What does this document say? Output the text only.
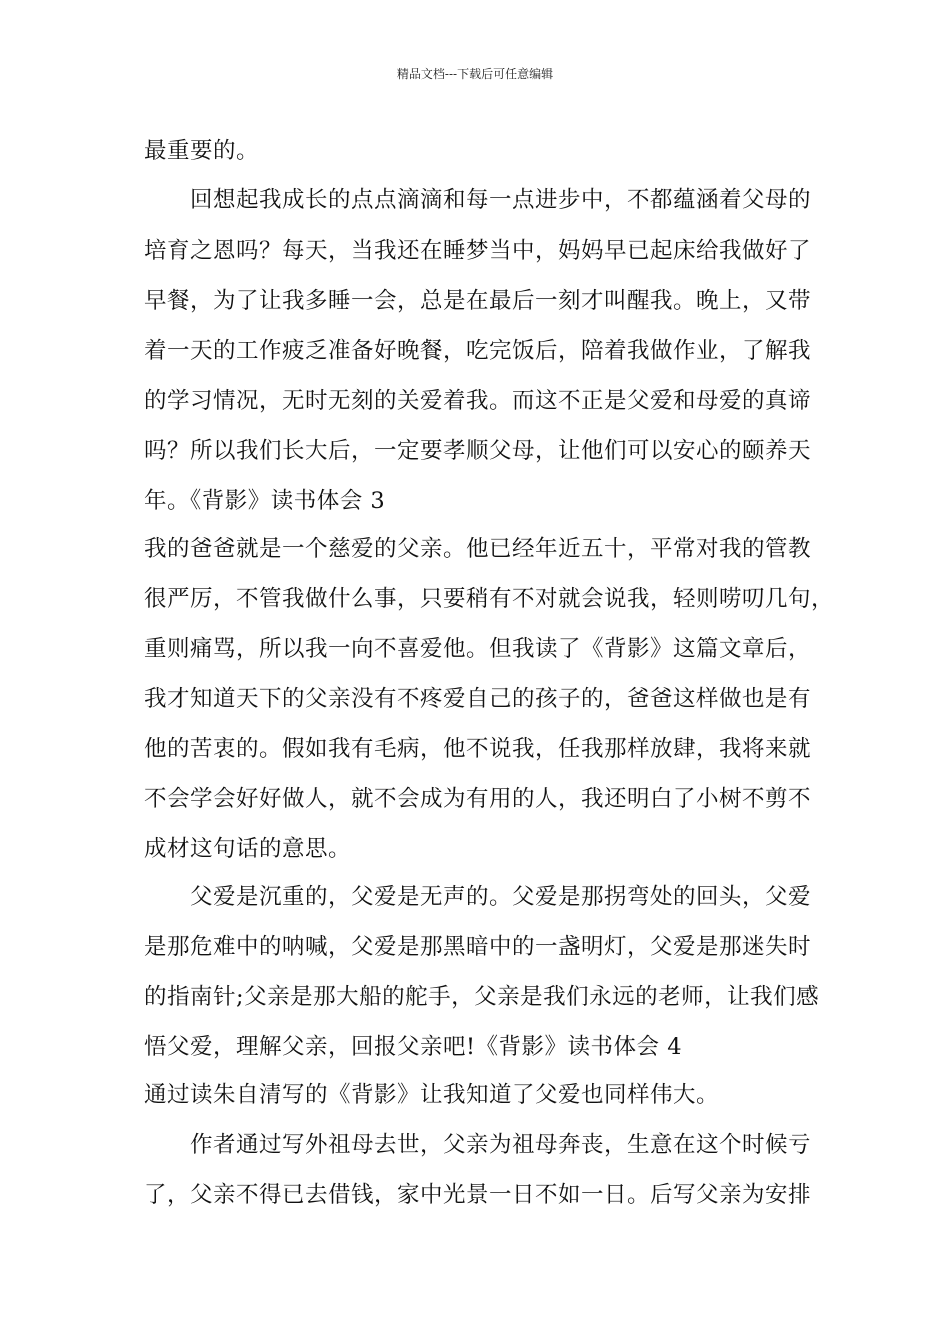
精品文档---下载后可任意编辑
最重要的。
　　回想起我成长的点点滴滴和每一点进步中，不都蕴涵着父母的
培育之恩吗？每天，当我还在睡梦当中，妈妈早已起床给我做好了
早餐，为了让我多睡一会，总是在最后一刻才叫醒我。晚上，又带
着一天的工作疲乏准备好晚餐，吃完饭后，陪着我做作业，了解我
的学习情况，无时无刻的关爱着我。而这不正是父爱和母爱的真谛
吗？所以我们长大后，一定要孝顺父母，让他们可以安心的颐养天
年。《背影》读书体会 3
我的爸爸就是一个慈爱的父亲。他已经年近五十，平常对我的管教
很严厉，不管我做什么事，只要稍有不对就会说我，轻则唠叨几句，
重则痛骂，所以我一向不喜爱他。但我读了《背影》这篇文章后，
我才知道天下的父亲没有不疼爱自己的孩子的，爸爸这样做也是有
他的苦衷的。假如我有毛病，他不说我，任我那样放肆，我将来就
不会学会好好做人，就不会成为有用的人，我还明白了小树不剪不
成材这句话的意思。
　　父爱是沉重的，父爱是无声的。父爱是那拐弯处的回头，父爱
是那危难中的呐喊，父爱是那黑暗中的一盏明灯，父爱是那迷失时
的指南针;父亲是那大船的舵手，父亲是我们永远的老师，让我们感
悟父爱，理解父亲，回报父亲吧!《背影》读书体会 4
通过读朱自清写的《背影》让我知道了父爱也同样伟大。
　　作者通过写外祖母去世，父亲为祖母奔丧，生意在这个时候亏
了，父亲不得已去借钱，家中光景一日不如一日。后写父亲为安排
